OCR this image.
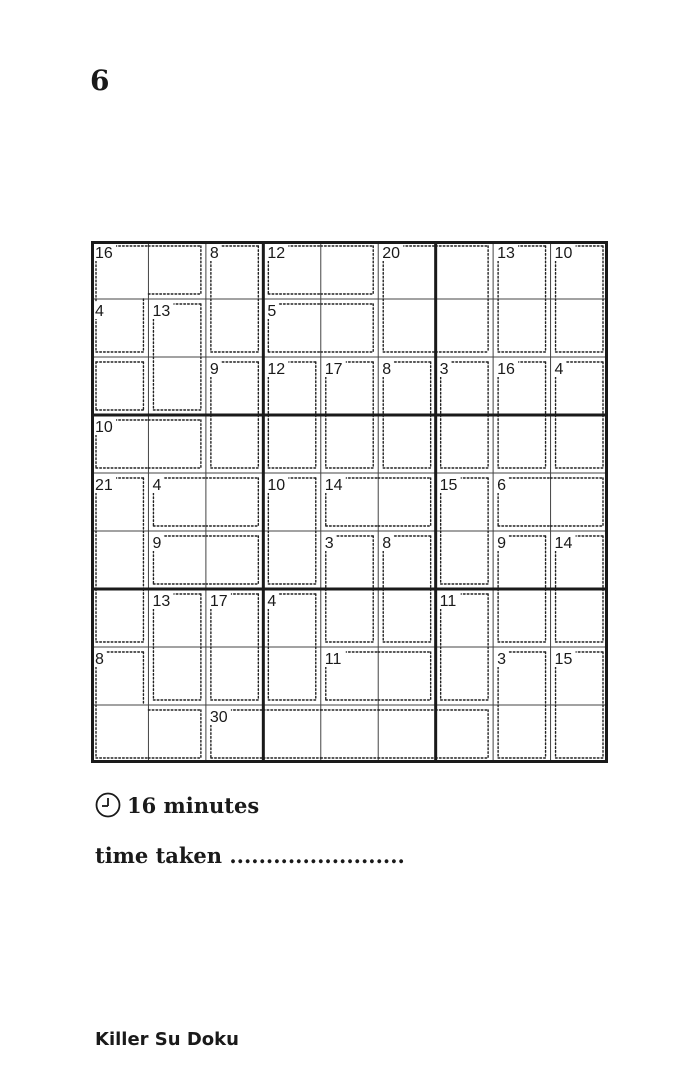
6
16	8	12	20	13 10
4	13	5
9	12 17 8	3	16 4
10
21 4	10 14	15 6
9	3	8	9	14
13 17 4	11
8	11	3	15
30
16 minutes
time taken ........................
Killer Su Doku
